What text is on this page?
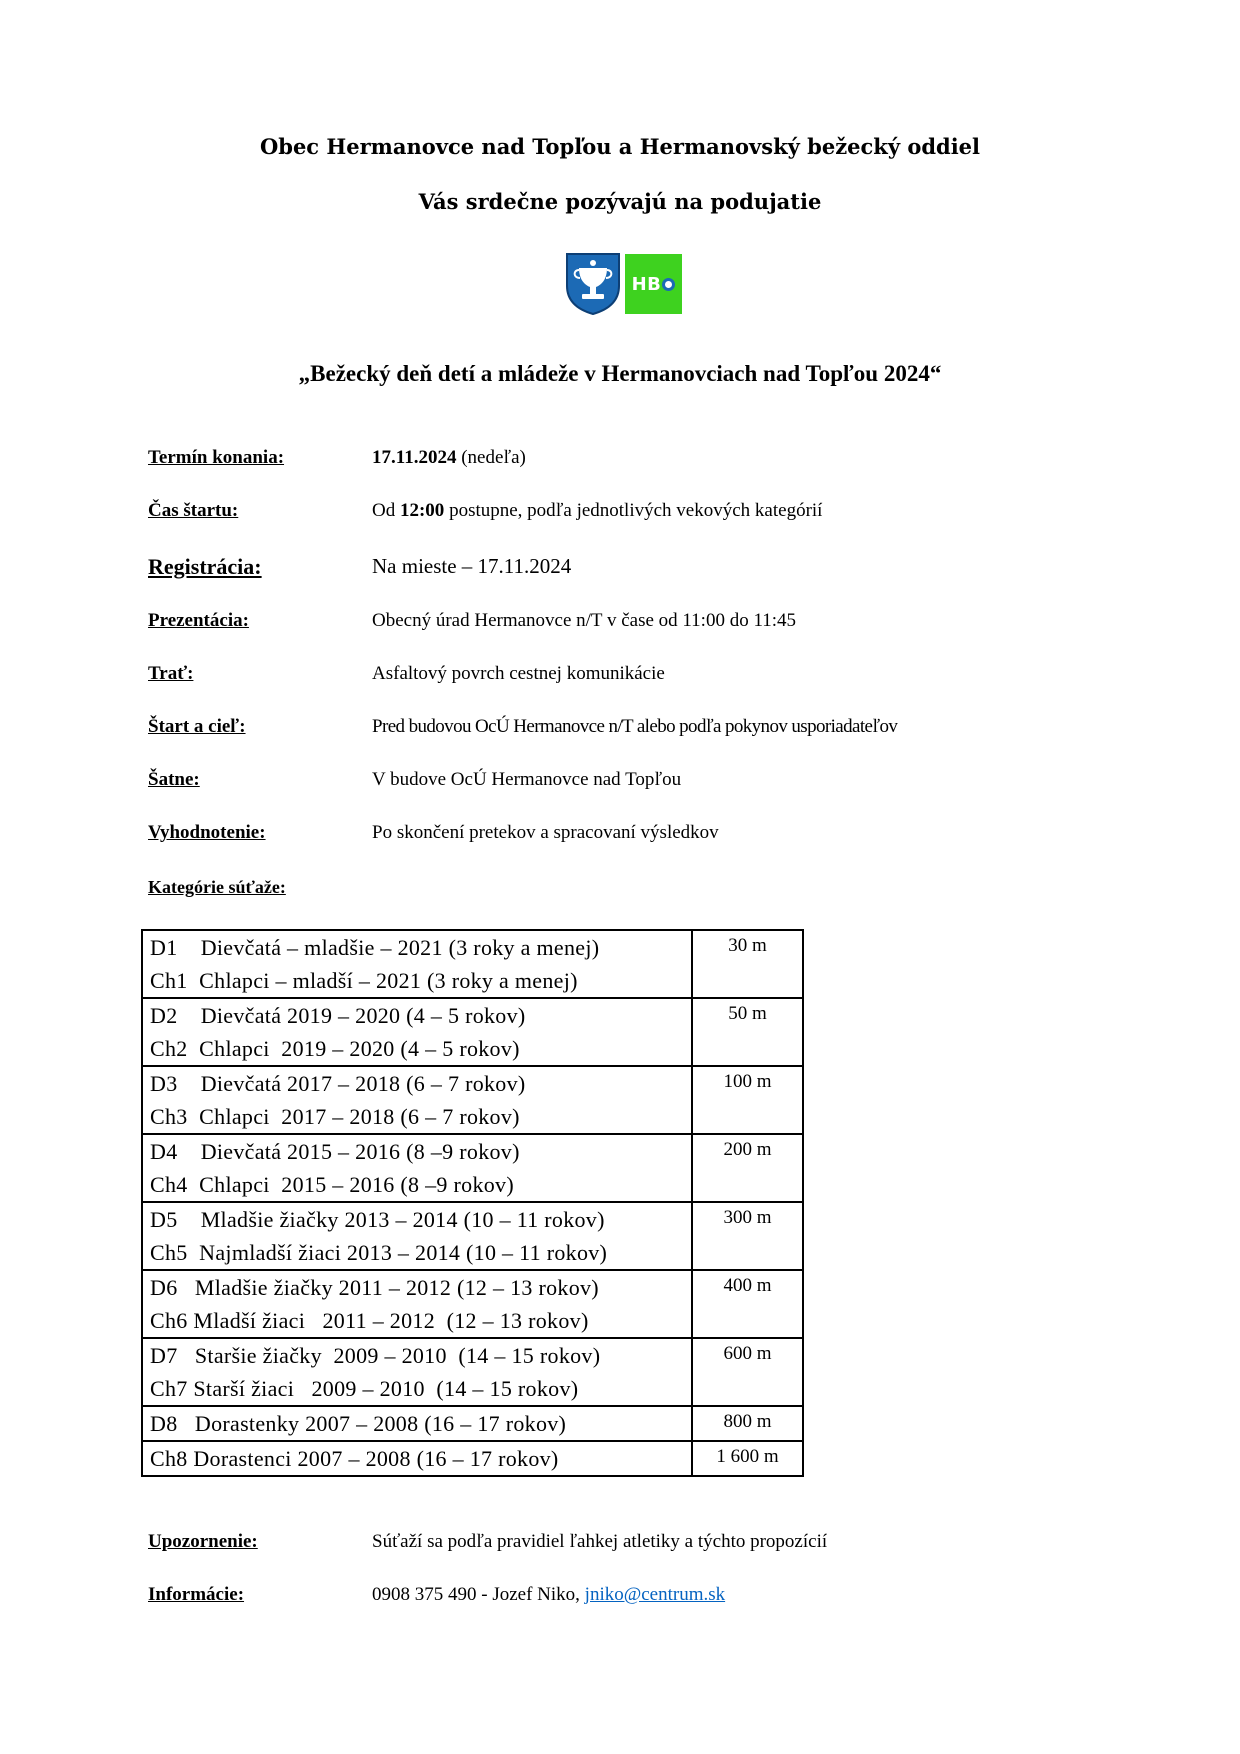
Obec Hermanovce nad Topľou a Hermanovský bežecký oddiel

Vás srdečne pozývajú na podujatie

HB
„Bežecký deň detí a mládeže v Hermanovciach nad Topľou 2024“
Termín konania:	17.11.2024 (nedeľa)
Čas štartu:	Od 12:00 postupne, podľa jednotlivých vekových kategórií
Registrácia:	Na mieste – 17.11.2024
Prezentácia:	Obecný úrad Hermanovce n/T v čase od 11:00 do 11:45
Trať:	Asfaltový povrch cestnej komunikácie
Štart a cieľ:	Pred budovou OcÚ Hermanovce n/T alebo podľa pokynov usporiadateľov
Šatne:	V budove OcÚ Hermanovce nad Topľou
Vyhodnotenie:	Po skončení pretekov a spracovaní výsledkov
Kategórie súťaže:
D1    Dievčatá – mladšie – 2021 (3 roky a menej)
Ch1  Chlapci – mladší – 2021 (3 roky a menej)	30 m

D2    Dievčatá 2019 – 2020 (4 – 5 rokov)
Ch2  Chlapci  2019 – 2020 (4 – 5 rokov)	50 m

D3    Dievčatá 2017 – 2018 (6 – 7 rokov)
Ch3  Chlapci  2017 – 2018 (6 – 7 rokov)	100 m

D4    Dievčatá 2015 – 2016 (8 –9 rokov)
Ch4  Chlapci  2015 – 2016 (8 –9 rokov)	200 m

D5    Mladšie žiačky 2013 – 2014 (10 – 11 rokov)
Ch5  Najmladší žiaci 2013 – 2014 (10 – 11 rokov)	300 m

D6   Mladšie žiačky 2011 – 2012 (12 – 13 rokov)
Ch6 Mladší žiaci   2011 – 2012  (12 – 13 rokov)	400 m

D7   Staršie žiačky  2009 – 2010  (14 – 15 rokov)
Ch7 Starší žiaci   2009 – 2010  (14 – 15 rokov)	600 m

D8   Dorastenky 2007 – 2008 (16 – 17 rokov)	800 m

Ch8 Dorastenci 2007 – 2008 (16 – 17 rokov)	1 600 m
Upozornenie:	Súťaží sa podľa pravidiel ľahkej atletiky a týchto propozícií
Informácie:	0908 375 490 - Jozef Niko, jniko@centrum.sk
